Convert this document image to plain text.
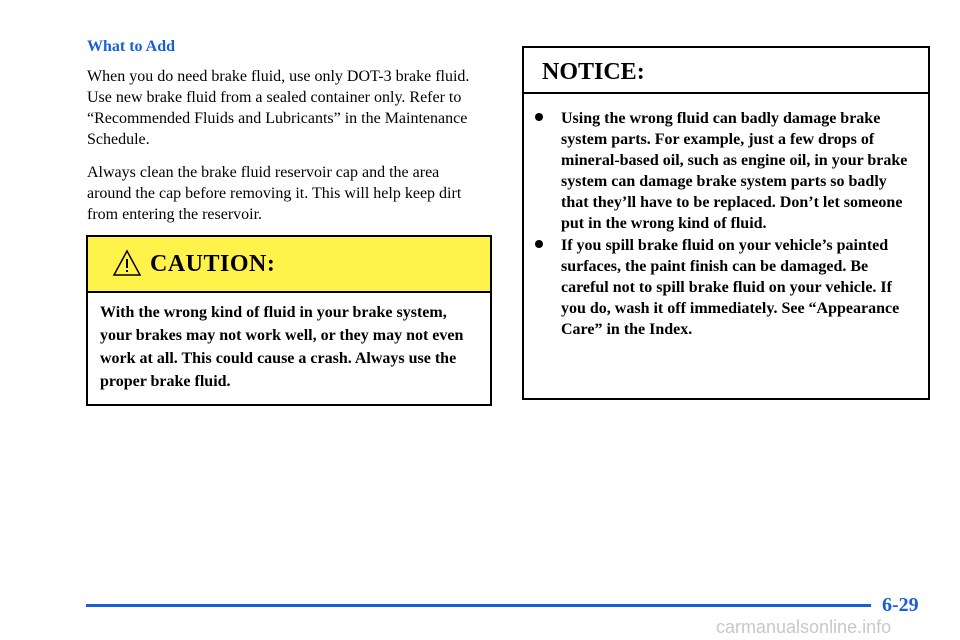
What to Add

When you do need brake fluid, use only DOT-3 brake fluid. Use new brake fluid from a sealed container only. Refer to “Recommended Fluids and Lubricants” in the Maintenance Schedule.

Always clean the brake fluid reservoir cap and the area around the cap before removing it. This will help keep dirt from entering the reservoir.

CAUTION:
With the wrong kind of fluid in your brake system, your brakes may not work well, or they may not even work at all. This could cause a crash. Always use the proper brake fluid.
NOTICE:
Using the wrong fluid can badly damage brake system parts. For example, just a few drops of mineral-based oil, such as engine oil, in your brake system can damage brake system parts so badly that they’ll have to be replaced. Don’t let someone put in the wrong kind of fluid.
If you spill brake fluid on your vehicle’s painted surfaces, the paint finish can be damaged. Be careful not to spill brake fluid on your vehicle. If you do, wash it off immediately. See “Appearance Care” in the Index.
6-29
carmanualsonline.info
